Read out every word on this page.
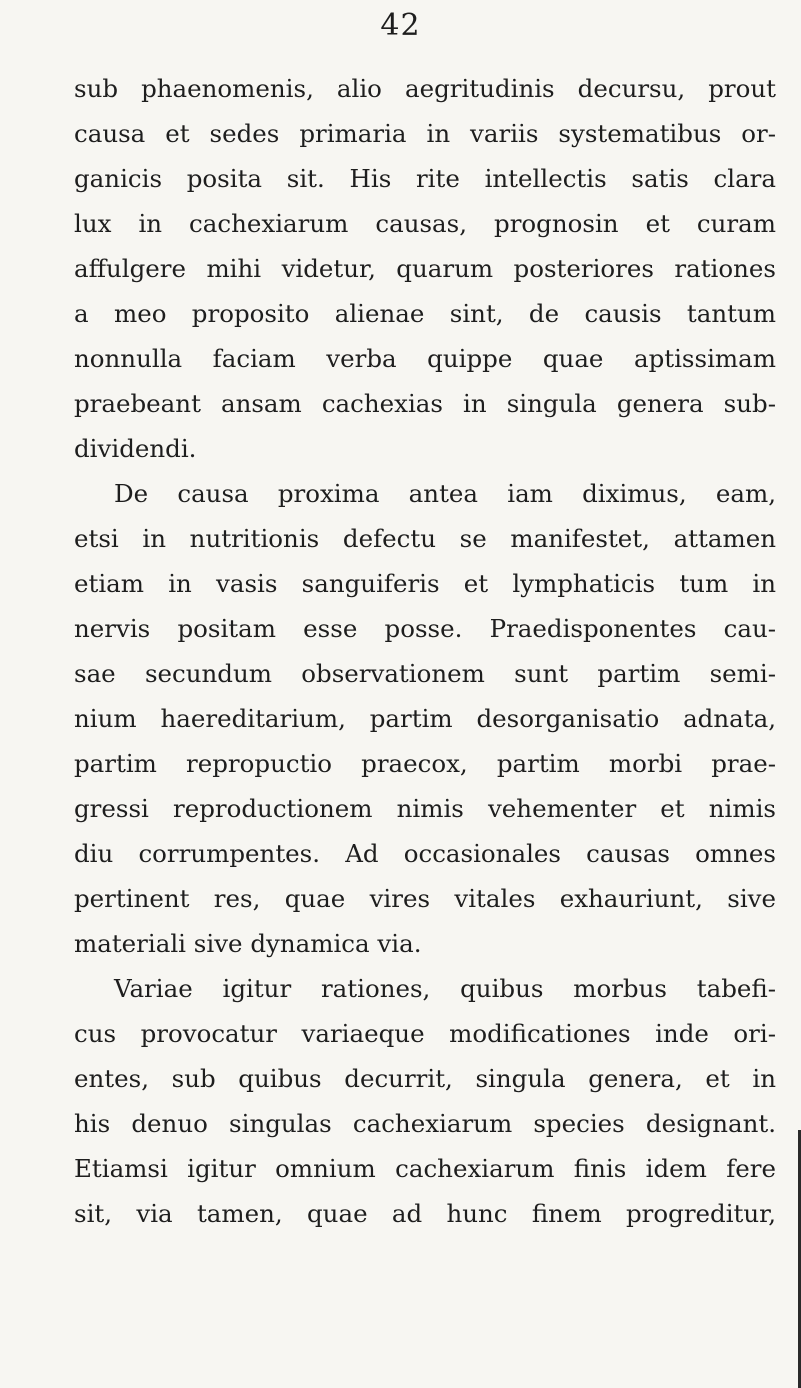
42
sub phaenomenis, alio aegritudinis decursu, prout
causa et sedes primaria in variis systematibus or-
ganicis posita sit. His rite intellectis satis clara
lux in cachexiarum causas, prognosin et curam
affulgere mihi videtur, quarum posteriores rationes
a meo proposito alienae sint, de causis tantum
nonnulla faciam verba quippe quae aptissimam
praebeant ansam cachexias in singula genera sub-
dividendi.
De causa proxima antea iam diximus, eam,
etsi in nutritionis defectu se manifestet, attamen
etiam in vasis sanguiferis et lymphaticis tum in
nervis positam esse posse. Praedisponentes cau-
sae secundum observationem sunt partim semi-
nium haereditarium, partim desorganisatio adnata,
partim repropuctio praecox, partim morbi prae-
gressi reproductionem nimis vehementer et nimis
diu corrumpentes. Ad occasionales causas omnes
pertinent res, quae vires vitales exhauriunt, sive
materiali sive dynamica via.
Variae igitur rationes, quibus morbus tabefi-
cus provocatur variaeque modificationes inde ori-
entes, sub quibus decurrit, singula genera, et in
his denuo singulas cachexiarum species designant.
Etiamsi igitur omnium cachexiarum finis idem fere
sit, via tamen, quae ad hunc finem progreditur,
